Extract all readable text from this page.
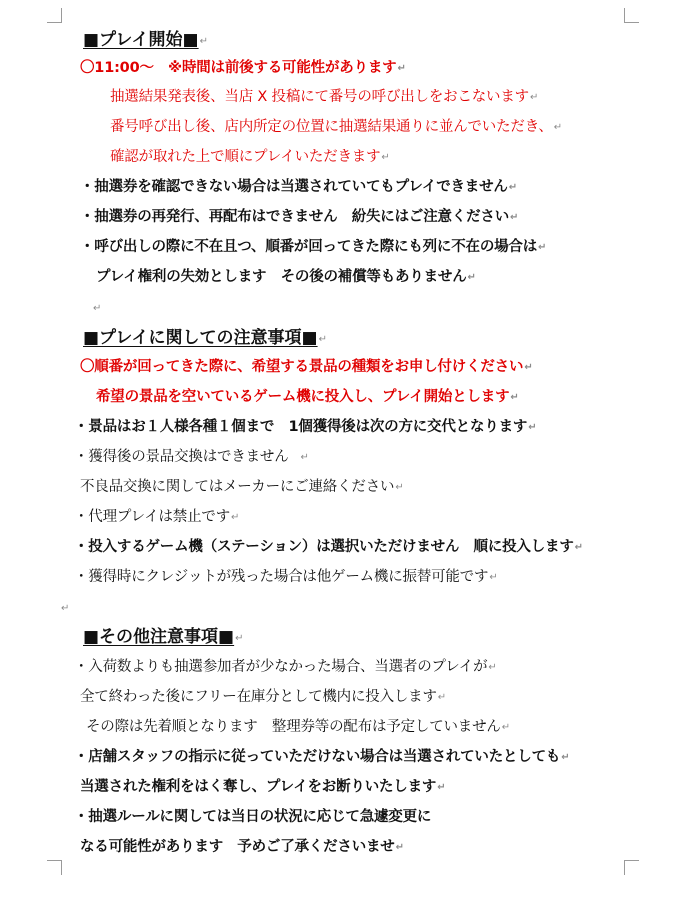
■プレイ開始■↵
〇11:00～　※時間は前後する可能性があります↵
抽選結果発表後、当店 X 投稿にて番号の呼び出しをおこないます↵
番号呼び出し後、店内所定の位置に抽選結果通りに並んでいただき、↵
確認が取れた上で順にプレイいただきます↵
・抽選券を確認できない場合は当選されていてもプレイできません↵
・抽選券の再発行、再配布はできません　紛失にはご注意ください↵
・呼び出しの際に不在且つ、順番が回ってきた際にも列に不在の場合は↵
プレイ権利の失効とします　その後の補償等もありません↵
↵
■プレイに関しての注意事項■↵
〇順番が回ってきた際に、希望する景品の種類をお申し付けください↵
希望の景品を空いているゲーム機に投入し、プレイ開始とします↵
・景品はお１人様各種１個まで　1個獲得後は次の方に交代となります↵
・獲得後の景品交換はできません ↵
不良品交換に関してはメーカーにご連絡ください↵
・代理プレイは禁止です↵
・投入するゲーム機（ステーション）は選択いただけません　順に投入します↵
・獲得時にクレジットが残った場合は他ゲーム機に振替可能です↵
↵
■その他注意事項■↵
・入荷数よりも抽選参加者が少なかった場合、当選者のプレイが↵
全て終わった後にフリー在庫分として機内に投入します↵
その際は先着順となります　整理券等の配布は予定していません↵
・店舗スタッフの指示に従っていただけない場合は当選されていたとしても↵
当選された権利をはく奪し、プレイをお断りいたします↵
・抽選ルールに関しては当日の状況に応じて急遽変更に
なる可能性があります　予めご了承くださいませ↵
